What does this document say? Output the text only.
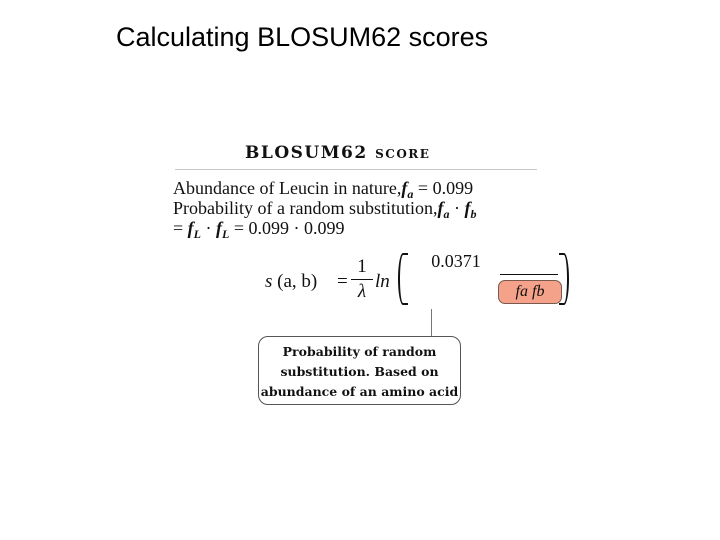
Calculating BLOSUM62 scores
BLOSUM62 score
Abundance of Leucin in $nature,f_a = 0.099$
Probability of a random $substitution,f_a \cdot f_b$
= $f_L \cdot f_L = 0.099 \cdot 0.099$
s (a, b) =
1
λ ln
0.0371
fa fb
Probability of random
substitution. Based on
abundance of an amino acid
